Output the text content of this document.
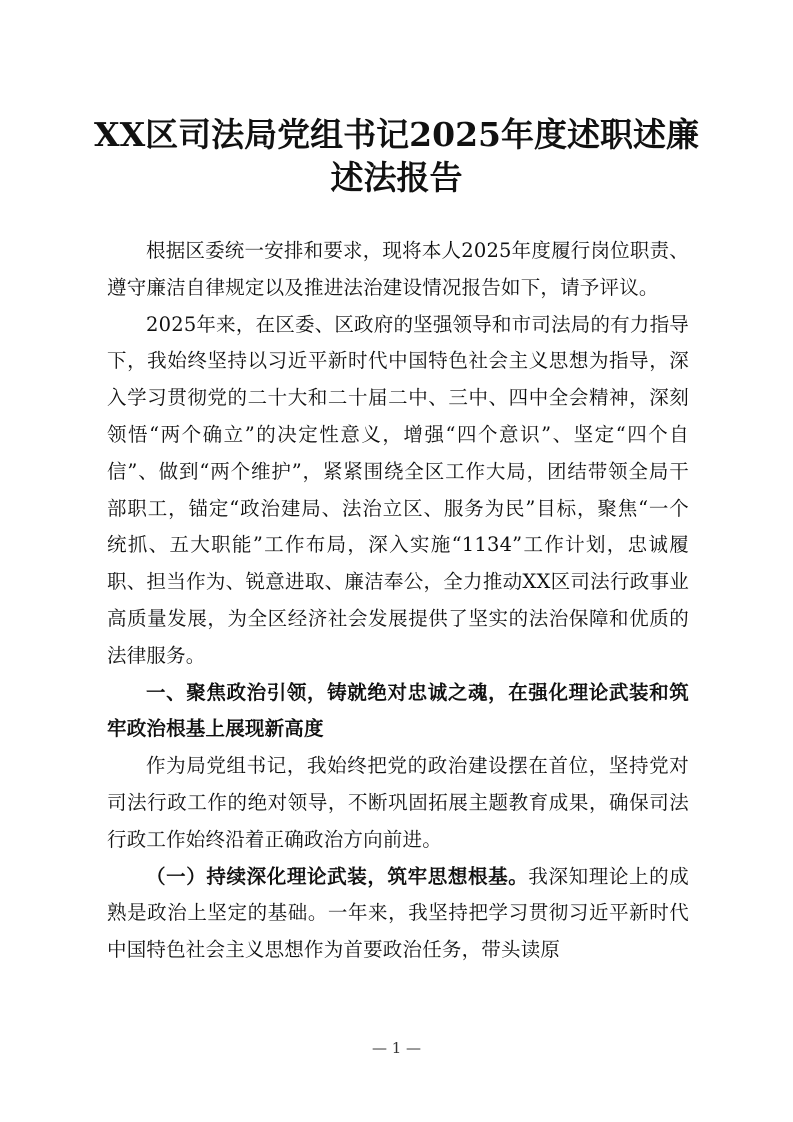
XX区司法局党组书记2025年度述职述廉
述法报告

根据区委统一安排和要求，现将本人2025年度履行岗位职责、遵守廉洁自律规定以及推进法治建设情况报告如下，请予评议。

2025年来，在区委、区政府的坚强领导和市司法局的有力指导下，我始终坚持以习近平新时代中国特色社会主义思想为指导，深入学习贯彻党的二十大和二十届二中、三中、四中全会精神，深刻领悟“两个确立”的决定性意义，增强“四个意识”、坚定“四个自信”、做到“两个维护”，紧紧围绕全区工作大局，团结带领全局干部职工，锚定“政治建局、法治立区、服务为民”目标，聚焦“一个统抓、五大职能”工作布局，深入实施“1134”工作计划，忠诚履职、担当作为、锐意进取、廉洁奉公，全力推动XX区司法行政事业高质量发展，为全区经济社会发展提供了坚实的法治保障和优质的法律服务。

一、聚焦政治引领，铸就绝对忠诚之魂，在强化理论武装和筑牢政治根基上展现新高度

作为局党组书记，我始终把党的政治建设摆在首位，坚持党对司法行政工作的绝对领导，不断巩固拓展主题教育成果，确保司法行政工作始终沿着正确政治方向前进。

（一）持续深化理论武装，筑牢思想根基。我深知理论上的成熟是政治上坚定的基础。一年来，我坚持把学习贯彻习近平新时代中国特色社会主义思想作为首要政治任务，带头读原

— 1 —
